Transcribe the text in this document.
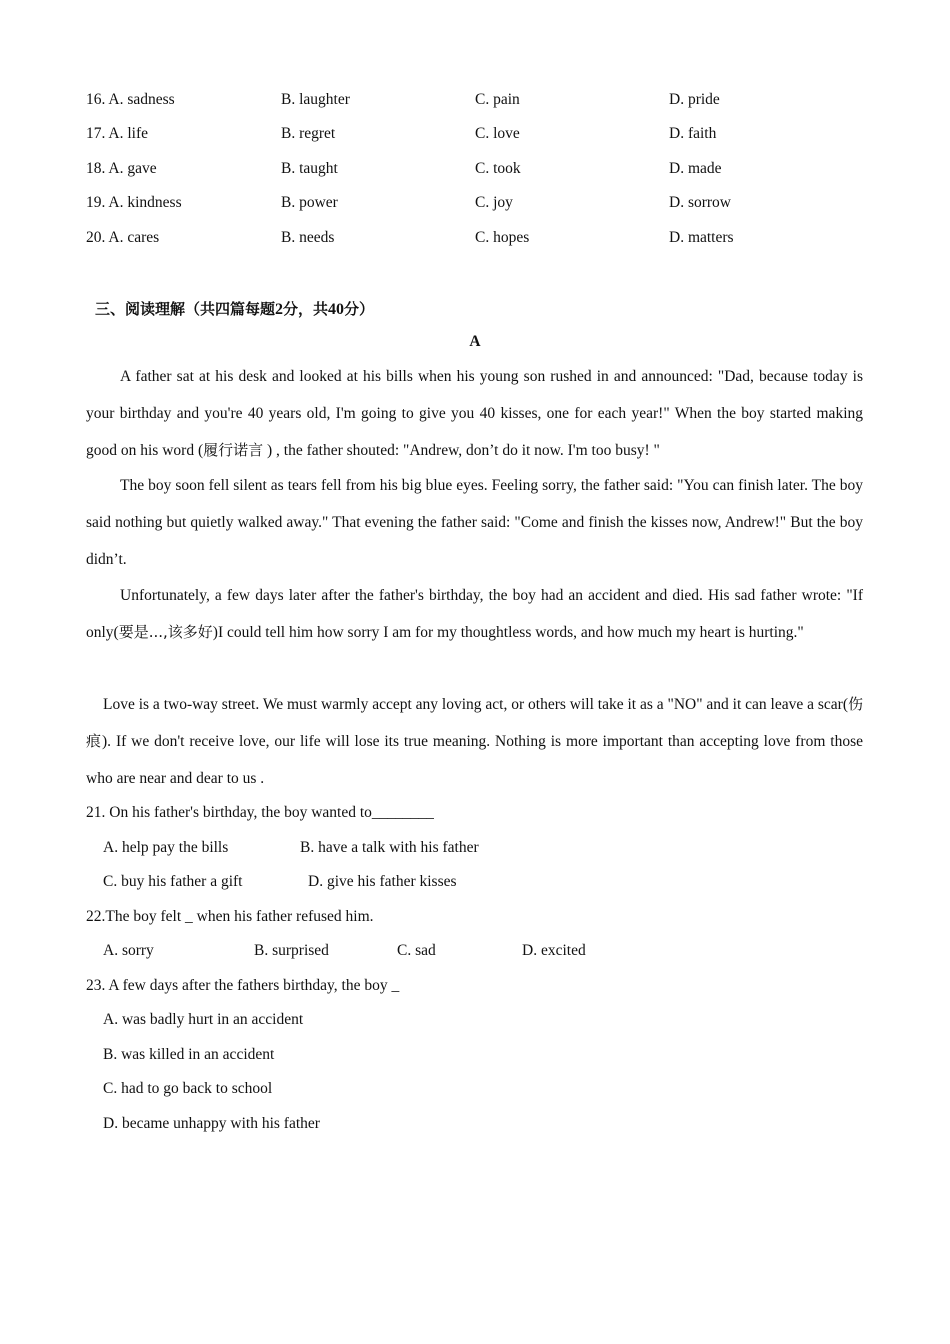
16. A. sadness	B. laughter	C. pain	D. pride
17. A. life	B. regret	C. love	D. faith
18. A. gave	B. taught	C. took	D. made
19. A. kindness	B. power	C. joy	D. sorrow
20. A. cares	B. needs	C. hopes	D. matters
三、阅读理解（共四篇每题2分，共40分）
A

A father sat at his desk and looked at his bills when his young son rushed in and announced: "Dad, because today is your birthday and you're 40 years old, I'm going to give you 40 kisses, one for each year!" When the boy started making good on his word (履行诺言 ) , the father shouted: "Andrew, don’t do it now. I'm too busy! "

The boy soon fell silent as tears fell from his big blue eyes. Feeling sorry, the father said: "You can finish later. The boy said nothing but quietly walked away." That evening the father said: "Come and finish the kisses now, Andrew!" But the boy didn’t.

Unfortunately, a few days later after the father's birthday, the boy had an accident and died. His sad father wrote: "If only(要是...,该多好)I could tell him how sorry I am for my thoughtless words, and how much my heart is hurting."

Love is a two-way street. We must warmly accept any loving act, or others will take it as a "NO" and it can leave a scar(伤痕). If we don't receive love, our life will lose its true meaning. Nothing is more important than accepting love from those who are near and dear to us .

21. On his father's birthday, the boy wanted to________
A. help pay the bills	B. have a talk with his father
C. buy his father a gift	D. give his father kisses
22.The boy felt _ when his father refused him.
A. sorry	B. surprised	C. sad	D. excited
23. A few days after the fathers birthday, the boy _
A. was badly hurt in an accident
B. was killed in an accident
C. had to go back to school
D. became unhappy with his father
